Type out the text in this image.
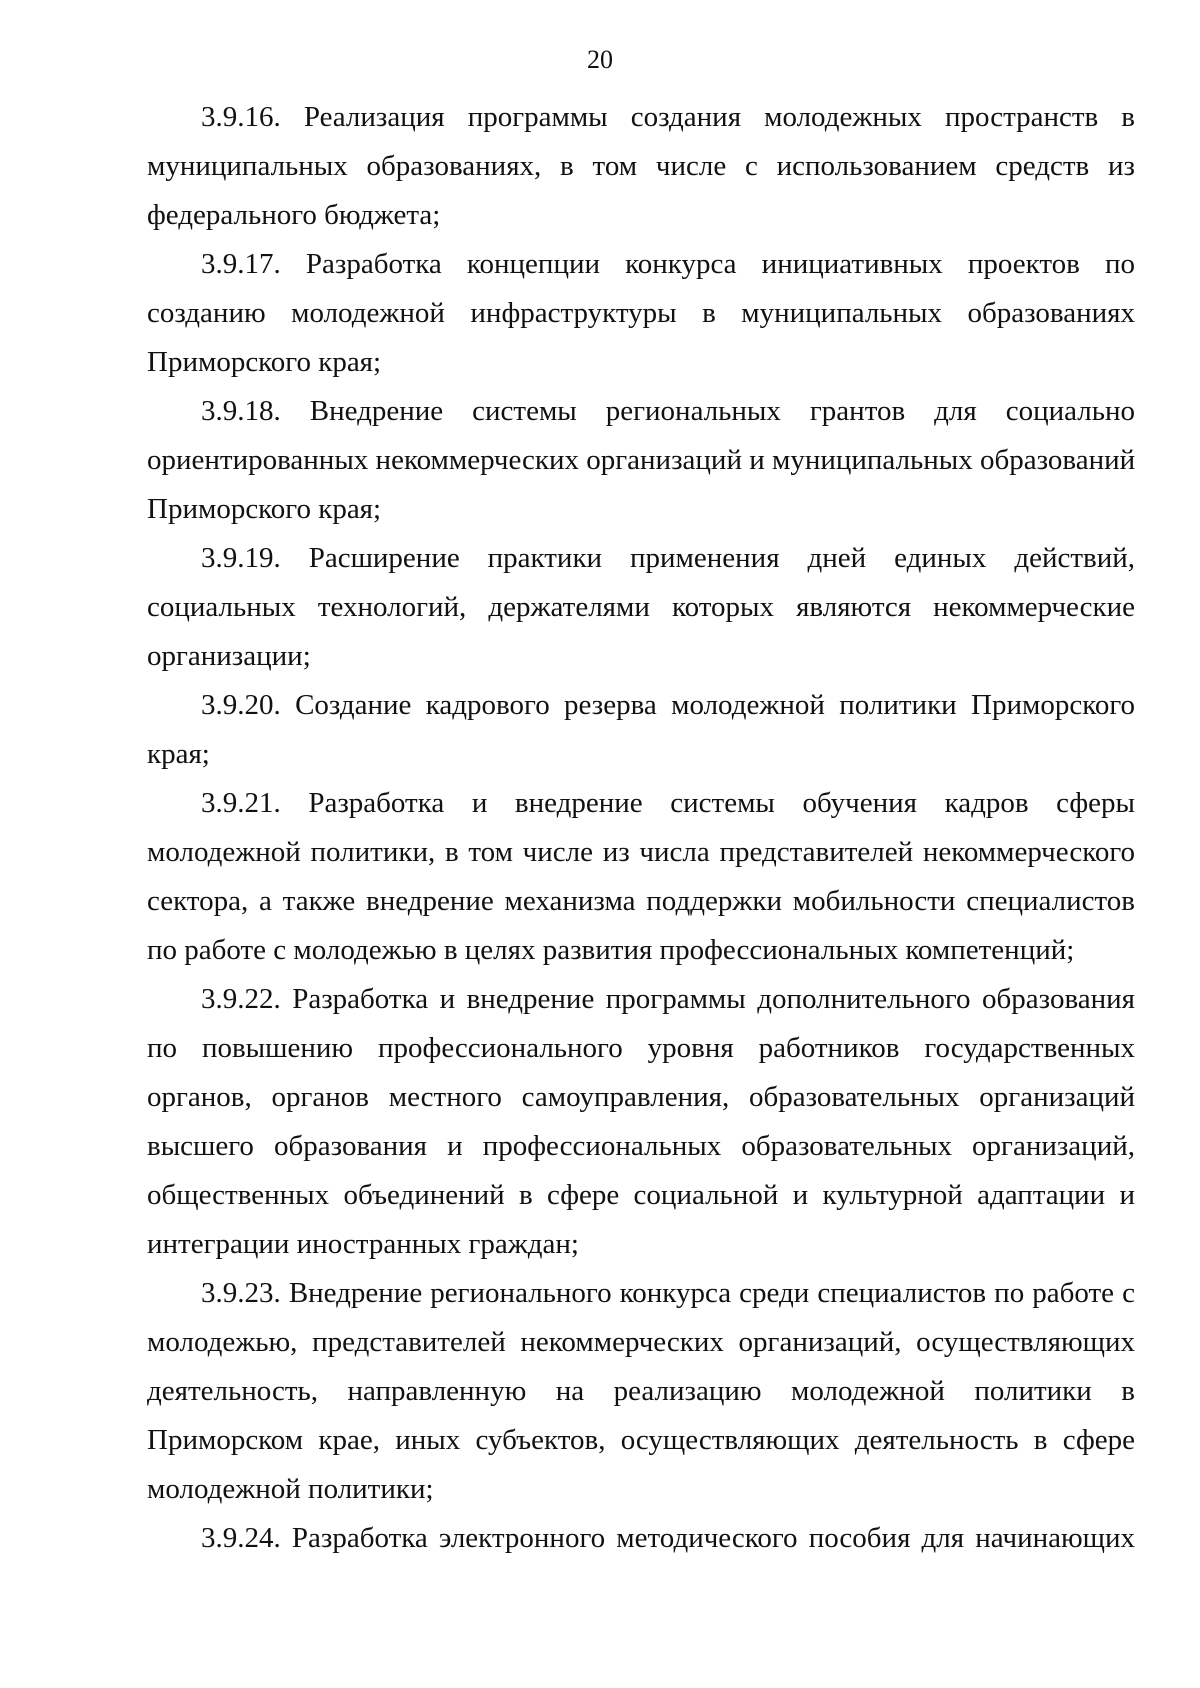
20
3.9.16. Реализация программы создания молодежных пространств в
муниципальных образованиях, в том числе с использованием средств из
федерального бюджета;
3.9.17. Разработка концепции конкурса инициативных проектов по
созданию молодежной инфраструктуры в муниципальных образованиях
Приморского края;
3.9.18. Внедрение системы региональных грантов для социально
ориентированных некоммерческих организаций и муниципальных образований
Приморского края;
3.9.19. Расширение практики применения дней единых действий,
социальных технологий, держателями которых являются некоммерческие
организации;
3.9.20. Создание кадрового резерва молодежной политики Приморского
края;
3.9.21. Разработка и внедрение системы обучения кадров сферы
молодежной политики, в том числе из числа представителей некоммерческого
сектора, а также внедрение механизма поддержки мобильности специалистов
по работе с молодежью в целях развития профессиональных компетенций;
3.9.22. Разработка и внедрение программы дополнительного образования
по повышению профессионального уровня работников государственных
органов, органов местного самоуправления, образовательных организаций
высшего образования и профессиональных образовательных организаций,
общественных объединений в сфере социальной и культурной адаптации и
интеграции иностранных граждан;
3.9.23. Внедрение регионального конкурса среди специалистов по работе с
молодежью, представителей некоммерческих организаций, осуществляющих
деятельность, направленную на реализацию молодежной политики в
Приморском крае, иных субъектов, осуществляющих деятельность в сфере
молодежной политики;
3.9.24. Разработка электронного методического пособия для начинающих
